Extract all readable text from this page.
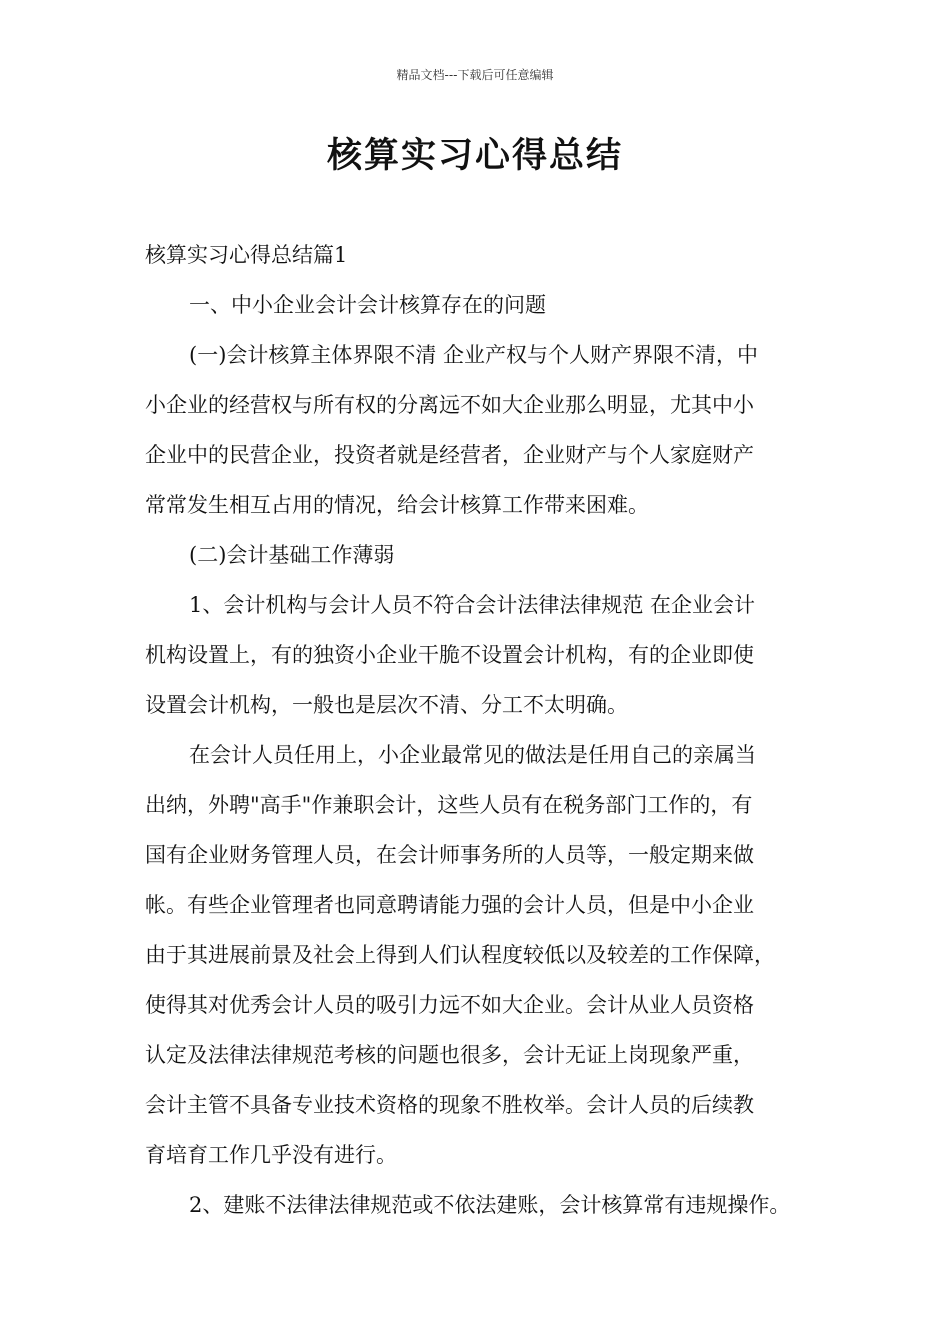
精品文档---下载后可任意编辑
核算实习心得总结

核算实习心得总结篇1

一、中小企业会计会计核算存在的问题

(一)会计核算主体界限不清 企业产权与个人财产界限不清，中

小企业的经营权与所有权的分离远不如大企业那么明显，尤其中小

企业中的民营企业，投资者就是经营者，企业财产与个人家庭财产

常常发生相互占用的情况，给会计核算工作带来困难。

(二)会计基础工作薄弱

1、会计机构与会计人员不符合会计法律法律规范 在企业会计

机构设置上，有的独资小企业干脆不设置会计机构，有的企业即使

设置会计机构，一般也是层次不清、分工不太明确。

在会计人员任用上，小企业最常见的做法是任用自己的亲属当

出纳，外聘"高手"作兼职会计，这些人员有在税务部门工作的，有

国有企业财务管理人员，在会计师事务所的人员等，一般定期来做

帐。有些企业管理者也同意聘请能力强的会计人员，但是中小企业

由于其进展前景及社会上得到人们认程度较低以及较差的工作保障，

使得其对优秀会计人员的吸引力远不如大企业。会计从业人员资格

认定及法律法律规范考核的问题也很多，会计无证上岗现象严重，

会计主管不具备专业技术资格的现象不胜枚举。会计人员的后续教

育培育工作几乎没有进行。

2、建账不法律法律规范或不依法建账，会计核算常有违规操作。
